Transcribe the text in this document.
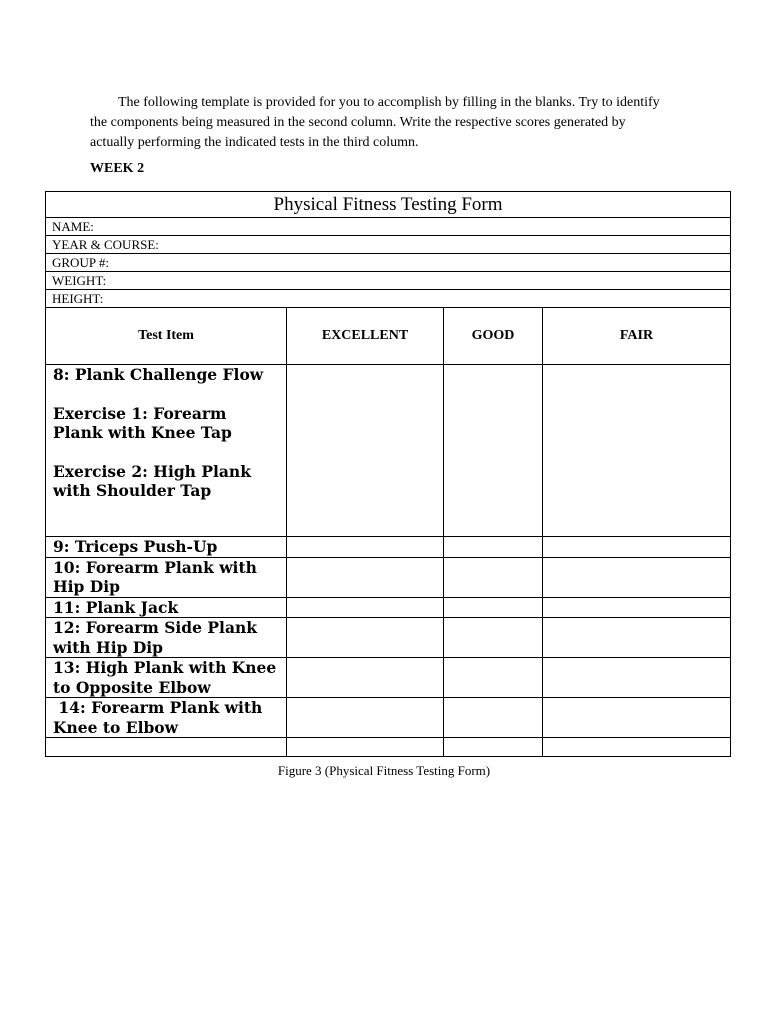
The following template is provided for you to accomplish by filling in the blanks. Try to identify the components being measured in the second column. Write the respective scores generated by actually performing the indicated tests in the third column.

WEEK 2

Physical Fitness Testing Form			
NAME:			
YEAR & COURSE:			
GROUP #:			
WEIGHT:			
HEIGHT:			
Test Item	EXCELLENT	GOOD	FAIR

8: Plank Challenge Flow
Exercise 1: Forearm
Plank with Knee Tap
Exercise 2: High Plank
with Shoulder Tap			

9: Triceps Push-Up			

10: Forearm Plank with
Hip Dip			

11: Plank Jack			

12: Forearm Side Plank
with Hip Dip			

13: High Plank with Knee
to Opposite Elbow			

14: Forearm Plank with
Knee to Elbow			

Figure 3 (Physical Fitness Testing Form)
